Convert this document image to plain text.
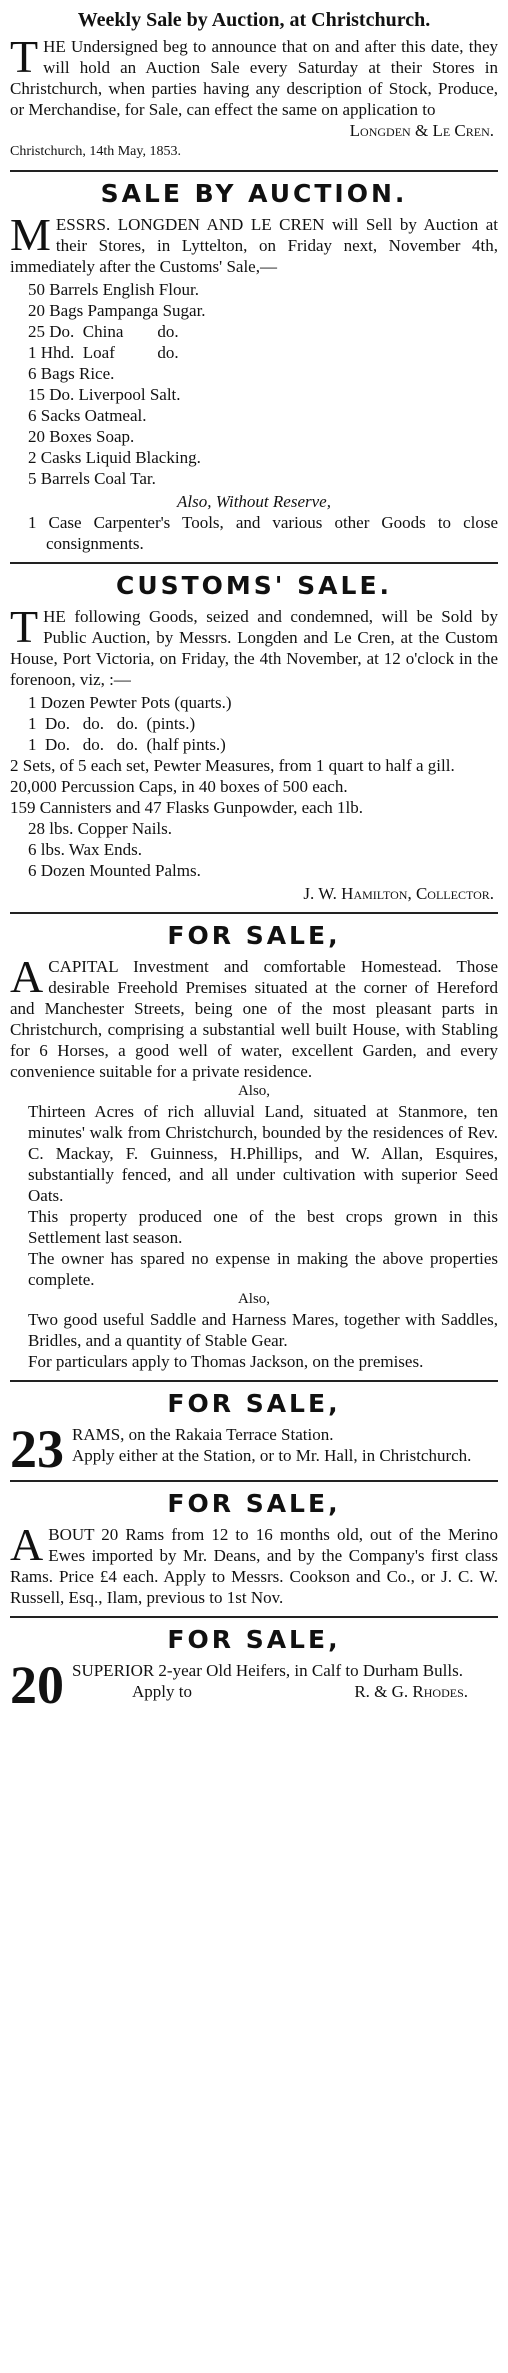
Weekly Sale by Auction, at Christchurch.

THE Undersigned beg to announce that on and after this date, they will hold an Auction Sale every Saturday at their Stores in Christchurch, when parties having any description of Stock, Produce, or Merchandise, for Sale, can effect the same on application to

Longden & Le Cren.
Christchurch, 14th May, 1853.
SALE BY AUCTION.

MESSRS. LONGDEN AND LE CREN will Sell by Auction at their Stores, in Lyttelton, on Friday next, November 4th, immediately after the Customs' Sale,—

50 Barrels English Flour.
20 Bags Pampanga Sugar.
25 Do.  China        do.
1 Hhd.  Loaf          do.
6 Bags Rice.
15 Do. Liverpool Salt.
6 Sacks Oatmeal.
20 Boxes Soap.
2 Casks Liquid Blacking.
5 Barrels Coal Tar.
Also, Without Reserve,

1 Case Carpenter's Tools, and various other Goods to close consignments.

CUSTOMS' SALE.

THE following Goods, seized and condemned, will be Sold by Public Auction, by Messrs. Longden and Le Cren, at the Custom House, Port Victoria, on Friday, the 4th November, at 12 o'clock in the forenoon, viz, :—

1 Dozen Pewter Pots (quarts.)
1  Do.   do.   do.  (pints.)
1  Do.   do.   do.  (half pints.)
2 Sets, of 5 each set, Pewter Measures, from 1 quart to half a gill.
20,000 Percussion Caps, in 40 boxes of 500 each.
159 Cannisters and 47 Flasks Gunpowder, each 1lb.
28 lbs. Copper Nails.
6 lbs. Wax Ends.
6 Dozen Mounted Palms.
J. W. Hamilton, Collector.
FOR SALE,

ACAPITAL Investment and comfortable Homestead. Those desirable Freehold Premises situated at the corner of Hereford and Manchester Streets, being one of the most pleasant parts in Christchurch, comprising a substantial well built House, with Stabling for 6 Horses, a good well of water, excellent Garden, and every convenience suitable for a private residence.

Also,

Thirteen Acres of rich alluvial Land, situated at Stanmore, ten minutes' walk from Christchurch, bounded by the residences of Rev. C. Mackay, F. Guinness, H.Phillips, and W. Allan, Esquires, substantially fenced, and all under cultivation with superior Seed Oats.

This property produced one of the best crops grown in this Settlement last season.

The owner has spared no expense in making the above properties complete.

Also,

Two good useful Saddle and Harness Mares, together with Saddles, Bridles, and a quantity of Stable Gear.

For particulars apply to Thomas Jackson, on the premises.

FOR SALE,

23 RAMS, on the Rakaia Terrace Station.

Apply either at the Station, or to Mr. Hall, in Christchurch.

FOR SALE,

ABOUT 20 Rams from 12 to 16 months old, out of the Merino Ewes imported by Mr. Deans, and by the Company's first class Rams. Price £4 each. Apply to Messrs. Cookson and Co., or J. C. W. Russell, Esq., Ilam, previous to 1st Nov.

FOR SALE,

20 SUPERIOR 2-year Old Heifers, in Calf to Durham Bulls.

Apply to	R. & G. Rhodes.
